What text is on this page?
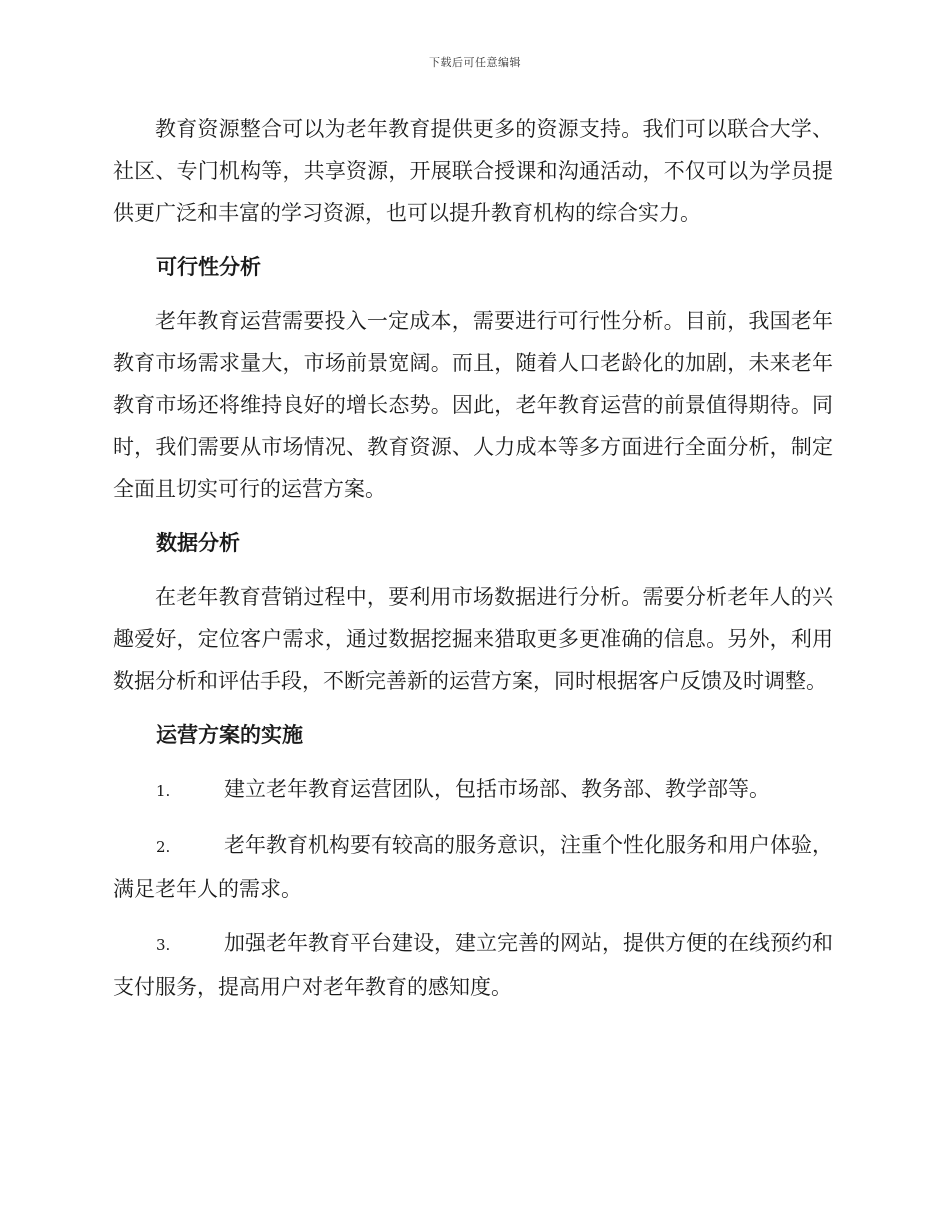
下载后可任意编辑

教育资源整合可以为老年教育提供更多的资源支持。我们可以联合大学、社区、专门机构等，共享资源，开展联合授课和沟通活动，不仅可以为学员提供更广泛和丰富的学习资源，也可以提升教育机构的综合实力。

可行性分析

老年教育运营需要投入一定成本，需要进行可行性分析。目前，我国老年教育市场需求量大，市场前景宽阔。而且，随着人口老龄化的加剧，未来老年教育市场还将维持良好的增长态势。因此，老年教育运营的前景值得期待。同时，我们需要从市场情况、教育资源、人力成本等多方面进行全面分析，制定全面且切实可行的运营方案。

数据分析

在老年教育营销过程中，要利用市场数据进行分析。需要分析老年人的兴趣爱好，定位客户需求，通过数据挖掘来猎取更多更准确的信息。另外，利用数据分析和评估手段，不断完善新的运营方案，同时根据客户反馈及时调整。

运营方案的实施

1.	建立老年教育运营团队，包括市场部、教务部、教学部等。

2.	老年教育机构要有较高的服务意识，注重个性化服务和用户体验，满足老年人的需求。

3.	加强老年教育平台建设，建立完善的网站，提供方便的在线预约和支付服务，提高用户对老年教育的感知度。
